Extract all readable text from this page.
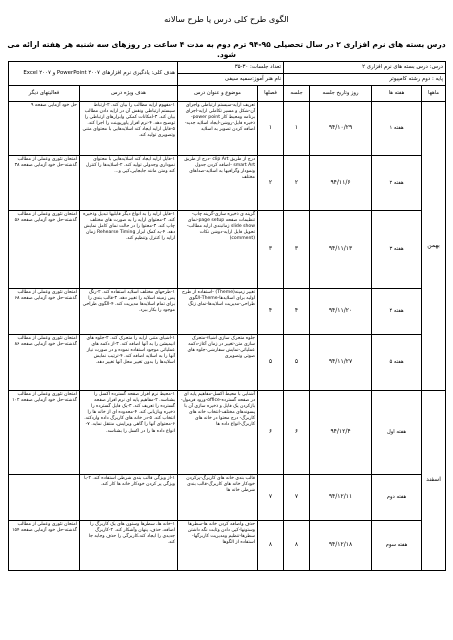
الگوی طرح کلی درس یا طرح سالانه
درس بسته های نرم افزاری ۲ در سال تحصیلی ۹۵-۹۴ ترم دوم به مدت ۴ ساعت در روزهای سه شنبه هر هفته ارائه می شود.
درس: درس بسته های نرم افزاری ۲				تعداد جلسات: ۳۰-۳۵		هدف کلی: یادگیری نرم افزارهای PowerPoint ۲۰۰۷ و Excel ۲۰۰۷	
پایه : دوم رشته کامپیوتر				نام هنر آموز:سمیه سیفی			
ماهها	هفته ها	روز وتاریخ جلسه	جلسه	فصلها	موضوع و عنوان درس	هدف ویژه درس	فعالیتهای دیگر
بهمن	هفته ۱	۹۴/۱۰/۲۹	۱	۱	تعریف ارایه-سیستم ارتباطی واجزای آن-شکل و مسیر تکاملی ارایه-اجزای برنامه ومحیط کار power point-ذخیره فایل-روشن-ایجاد اسلاید جدید-اضافه کردن تصویر به اسلاید	۱-مفهوم ارایه مطالب را بیان کند. ۲-ارتباط سیستم ارتباطی ونقش آن در ارایه دادن مطالب بیان کند. ۳-امکانات کمکی وابزارهای ارتباطی را توضیح دهد. ۴-نرم افزار پاورپوینت را اجرا کند. ۵-قابل ارایه ایجاد کند اسلایدهایی با محتوای متنی وتصویری تولید کند.	حل خود آزمایی صفحه ۹
	هفته ۲	۹۴/۱۱/۶	۲	۲	درج از طریق clip Art -درج از طریق smart Art -اضافه کردن جدول ونمودار وگرافیها به اسلاید-صداهای مختلف	۱-فایل ارایه ایجاد کند اسلایدهایی با محتوای نموداری وجدولی تولید کند. ۲-اسلایدها را کنترل کند ومتن مانند جابجایی،کپی و...	امتحان تئوری وعملی از مطالب گذشته-حل خود آزمایی صفحه ۳۸
	هفته ۳	۹۴/۱۱/۱۳	۳	۳	گزینه ی ذخیره سازی-گزینه چاپ-تنظیمات صفحه page setup-نمای slide show زمانبندی ارایه مطالب-تحویل فایل ارایه-دوشن نکات (comment)	۱-فایل ارایه را به انواع دیگر قابلیها تبدیل وذخیره کند. ۲-محتوای ارایه را به صورت های مختلف چاپ کند. ۳-محتوا را در حالت نمای کامل نمایش دهد. ۴-به کمک ابزار Rehearse Timing زمان ارایه را کنترل وتنظیم کند.	امتحان تئوری وعملی از مطالب گذشته-حل خود آزمایی صفحه ۵۶
	هفته ۴	۹۴/۱۱/۲۰	۴	۴	تغییر زمینه(Theme) -استفاده از طرح اولیه برای اسلایدها-Theme-الگوی طراحی-مدیریت اسلایدها-نمای زنگ	۱-طرحهای مختلف اسلاید استفاده کند. ۲-رنگ پس زمینه اسلاید را تغییر دهد. ۳-قالب بندی را برای تمام اسلایدها مدیریت کند. ۴-الگوی طراحی موجود را بکار ببرد.	امتحان تئوری وعملی از مطالب گذشته-حل خود آزمایی صفحه ۶۸
	هفته ۵	۹۴/۱۱/۲۷	۵	۵	جلوه متحرک سازی اشیاء-متحرک سازی متن-تغییر در زمان آغاز-دکمه عملیاتی-نمایش سفارشی-جلوه های صوتی وتصویری	۱-اشیای متنی ارایه را متحرک کند. ۲-جلوه های انیمیشن را به آنها اضافه کند. ۳-از دکمه های عملیاتی موجود استفاده نموده و در صورت نیاز آنها را به اسلاید اضافه کند. ۴-ترتیب نمایش اسلایدها را بدون تغییر محل آنها تغییر دهد.	امتحان تئوری وعملی از مطالب گذشته-حل خود آزمایی صفحه ۸۶
اسفند	هفته اول	۹۴/۱۲/۴	۶	۶	آشنایی با محیط اکسل-مفاهیم پایه ای در صفحه گسترده-office-ورود فرمول-بازکردن یک فایل و ذخیره سازی آن با پسوندهای مختلف-انتخاب خانه های کاربرگ- درج محتوا در خانه های کاربرگ-انواع داده ها	۱-محیط نرم افزار صفحه گسترده اکسل را بشناسد. ۲-مفاهیم پایه ای نرم افزار صفحه گسترده را تعریف کند. ۳-یک فایل گسترده را ذخیره وبازیابی کند. ۴-محدوده ای از خانه ها را انتخاب کند. ۵-در خانه های کاربرگ داده واردکند. ۶-محتوای آنها را گاهی ویرایش، منتقل نماید. ۷-انواع داده ها را در اکسل را بشناسد.	امتحان تئوری وعملی از مطالب گذشته-حل خود آزمایی صفحه ۱۰۲
	هفته دوم	۹۴/۱۲/۱۱	۷	۷	قالب بندی خانه های کاربرگ-پرکردن خودکار خانه های کاربرگ-قالب بندی شرطی خانه ها	۱-از ویژگی قالب بندی شرطی استفاده کند. ۲-با ویژگی پر کردن خودکار خانه ها کار کند.	
	هفته سوم	۹۴/۱۲/۱۸	۸	۸	حذف واضافه کردن خانه ها-سطرها وستونها-کپی دادن وثابت نگه داشتن سطرها-تنظیم ومدیریت کاربرگها-استفاده از الگوها	۱-خانه ها، سطرها وستون های یک کاربرگ را اضافه، حذف، پنهان وآشکار کند. ۲-کاربرگ جدیدی را ایجاد کند،کاربرگی را حذف وجابه جا کند.	امتحان تئوری وعملی از مطالب گذشته-حل خود آزمایی صفحه ۱۵۴
